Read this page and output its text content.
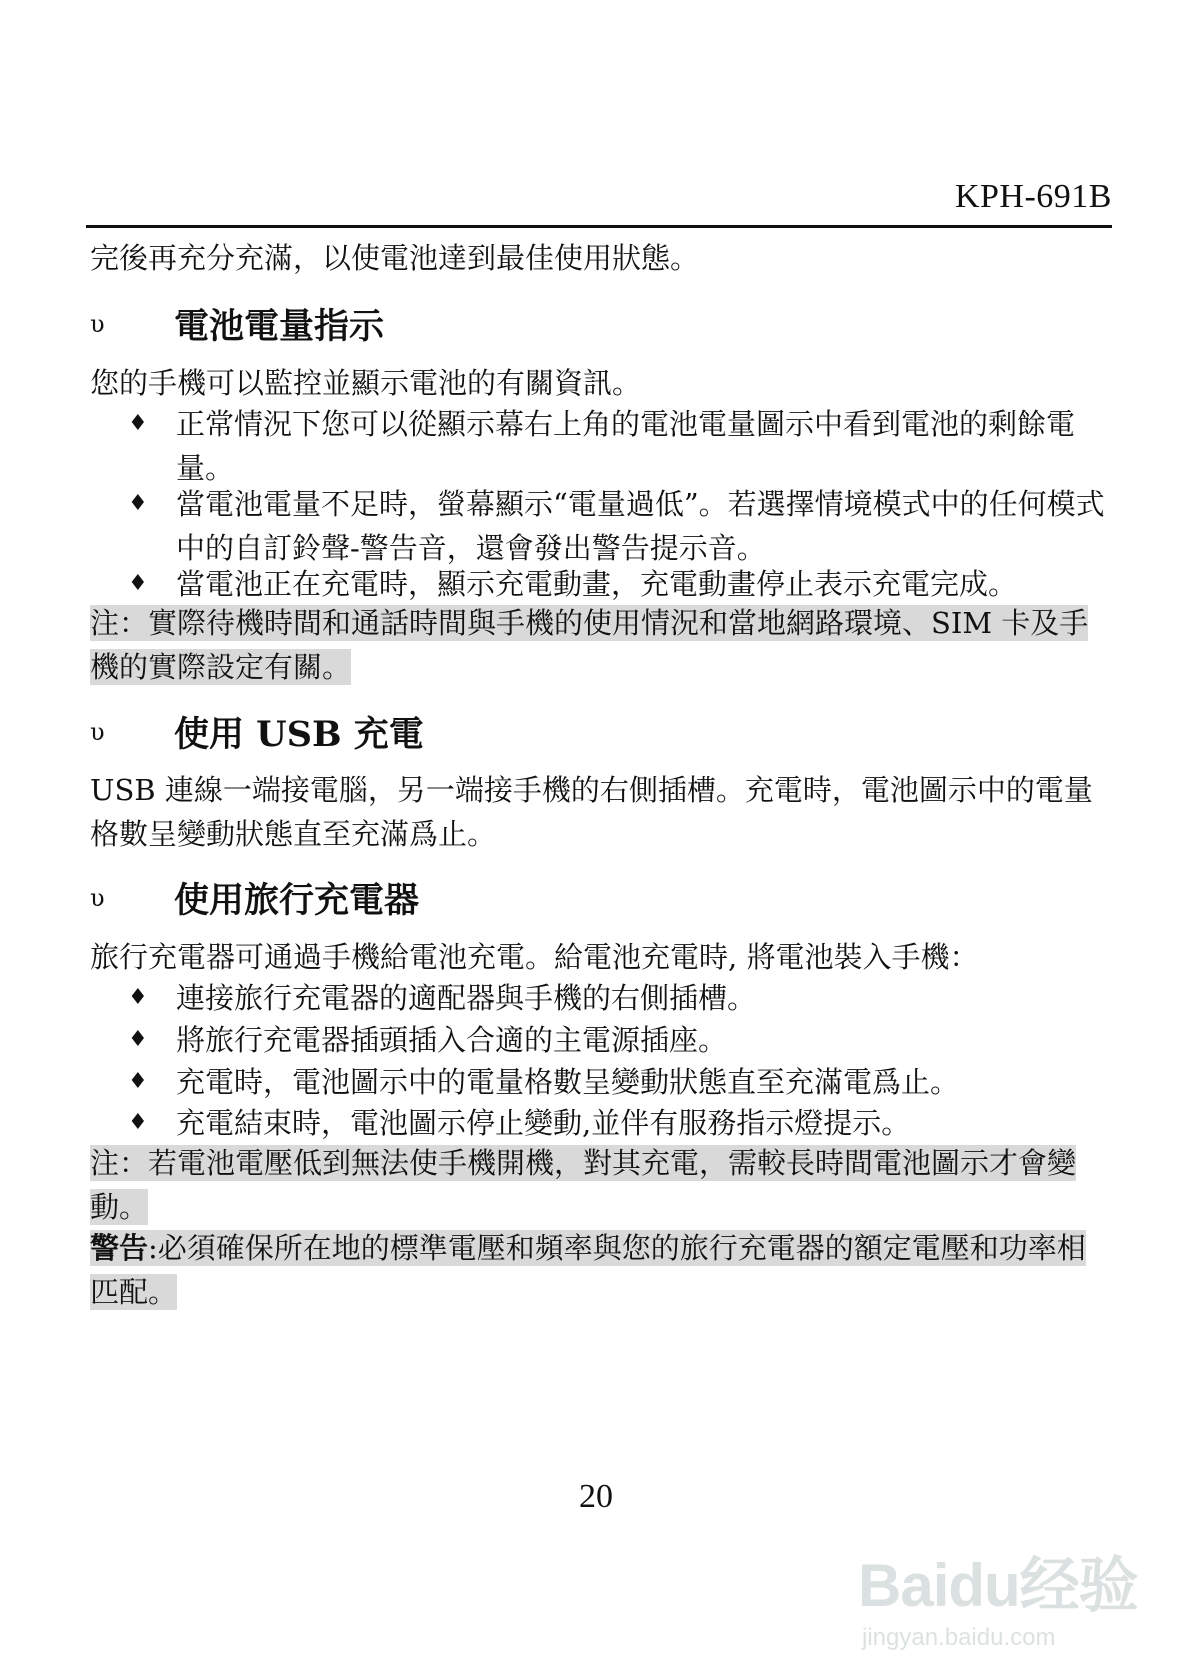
KPH-691B
完後再充分充滿，以使電池達到最佳使用狀態。
υ	電池電量指示
您的手機可以監控並顯示電池的有關資訊。
♦ 正常情況下您可以從顯示幕右上角的電池電量圖示中看到電池的剩餘電量。
♦ 當電池電量不足時，螢幕顯示“電量過低”。若選擇情境模式中的任何模式中的自訂鈴聲-警告音，還會發出警告提示音。
♦ 當電池正在充電時，顯示充電動畫，充電動畫停止表示充電完成。
注：實際待機時間和通話時間與手機的使用情況和當地網路環境、SIM 卡及手機的實際設定有關。
υ	使用 USB 充電
USB 連線一端接電腦，另一端接手機的右側插槽。充電時，電池圖示中的電量格數呈變動狀態直至充滿爲止。
υ	使用旅行充電器
旅行充電器可通過手機給電池充電。給電池充電時, 將電池裝入手機：
♦ 連接旅行充電器的適配器與手機的右側插槽。
♦ 將旅行充電器插頭插入合適的主電源插座。
♦ 充電時，電池圖示中的電量格數呈變動狀態直至充滿電爲止。
♦ 充電結束時，電池圖示停止變動,並伴有服務指示燈提示。
注：若電池電壓低到無法使手機開機，對其充電，需較長時間電池圖示才會變動。
警告:必須確保所在地的標準電壓和頻率與您的旅行充電器的額定電壓和功率相匹配。
20
Baidu经验
jingyan.baidu.com
